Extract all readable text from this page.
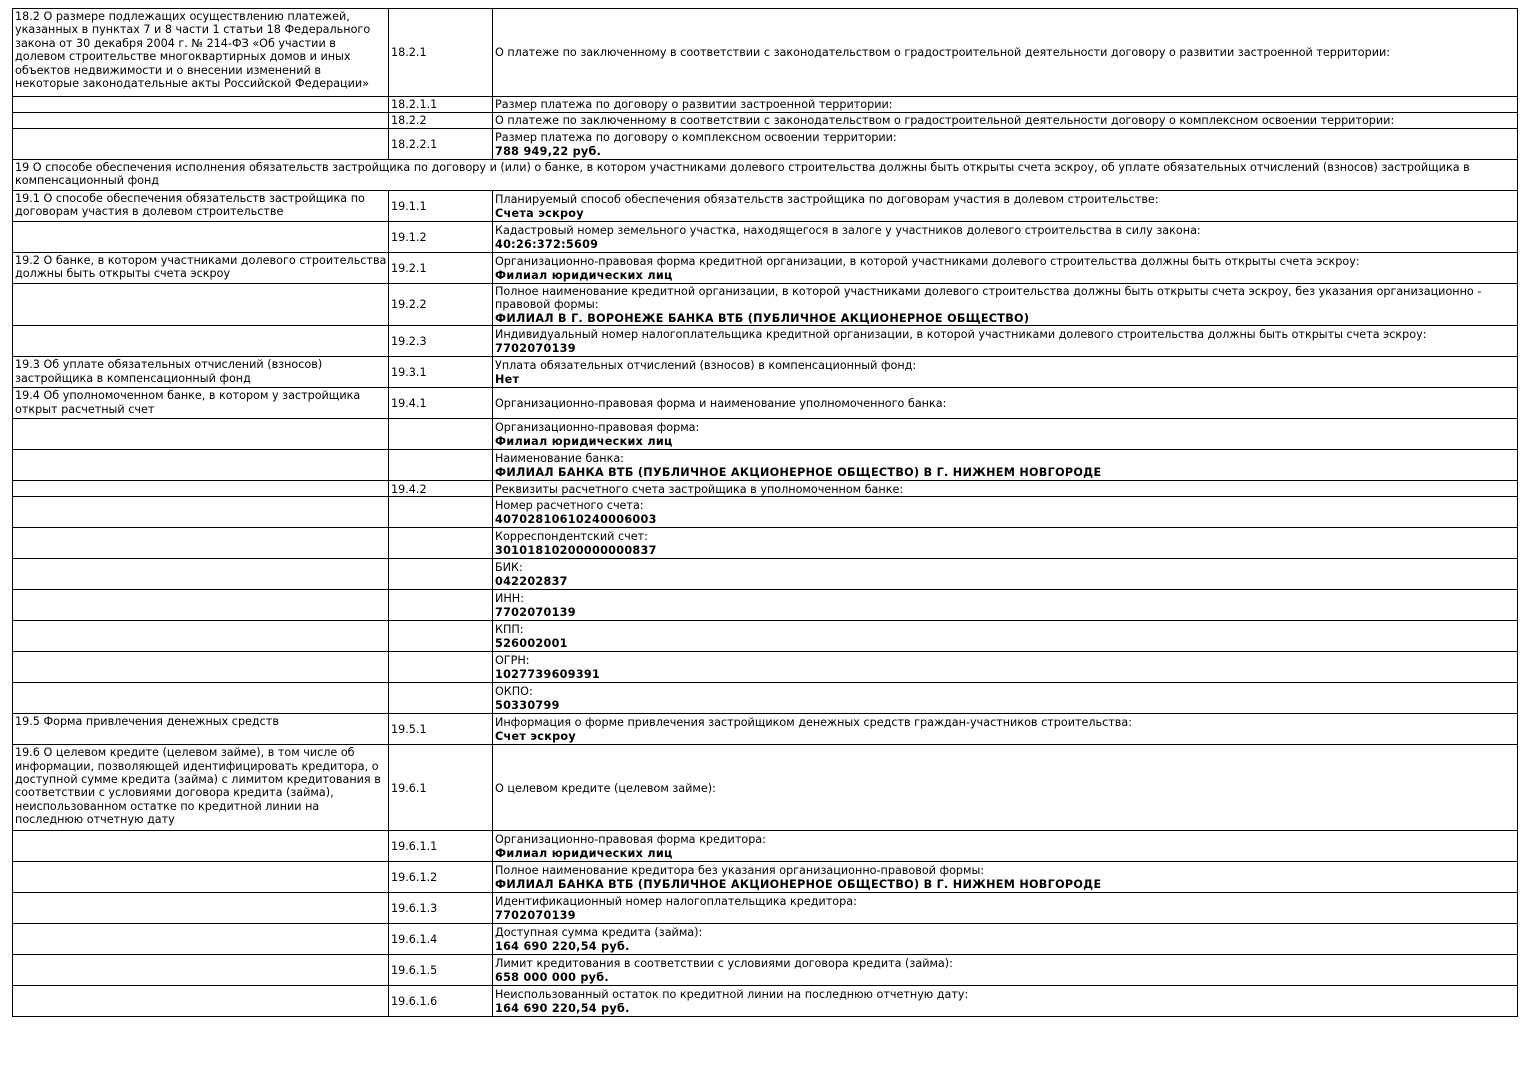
18.2 О размере подлежащих осуществлению платежей, указанных в пунктах 7 и 8 части 1 статьи 18 Федерального закона от 30 декабря 2004 г. № 214-ФЗ «Об участии в долевом строительстве многоквартирных домов и иных объектов недвижимости и о внесении изменений в некоторые законодательные акты Российской Федерации»	18.2.1	О платеже по заключенному в соответствии с законодательством о градостроительной деятельности договору о развитии застроенной территории:

	18.2.1.1	Размер платежа по договору о развитии застроенной территории:

	18.2.2	О платеже по заключенному в соответствии с законодательством о градостроительной деятельности договору о комплексном освоении территории:

	18.2.2.1	Размер платежа по договору о комплексном освоении территории:
788 949,22 руб.

19 О способе обеспечения исполнения обязательств застройщика по договору и (или) о банке, в котором участниками долевого строительства должны быть открыты счета эскроу, об уплате обязательных отчислений (взносов) застройщика в компенсационный фонд		
19.1 О способе обеспечения обязательств застройщика по договорам участия в долевом строительстве	19.1.1	Планируемый способ обеспечения обязательств застройщика по договорам участия в долевом строительстве:
Счета эскроу

	19.1.2	Кадастровый номер земельного участка, находящегося в залоге у участников долевого строительства в силу закона:
40:26:372:5609

19.2 О банке, в котором участниками долевого строительства должны быть открыты счета эскроу	19.2.1	Организационно-правовая форма кредитной организации, в которой участниками долевого строительства должны быть открыты счета эскроу:
Филиал юридических лиц

	19.2.2	Полное наименование кредитной организации, в которой участниками долевого строительства должны быть открыты счета эскроу, без указания организационно - правовой формы:
ФИЛИАЛ В Г. ВОРОНЕЖЕ БАНКА ВТБ (ПУБЛИЧНОЕ АКЦИОНЕРНОЕ ОБЩЕСТВО)

	19.2.3	Индивидуальный номер налогоплательщика кредитной организации, в которой участниками долевого строительства должны быть открыты счета эскроу:
7702070139

19.3 Об уплате обязательных отчислений (взносов) застройщика в компенсационный фонд	19.3.1	Уплата обязательных отчислений (взносов) в компенсационный фонд:
Нет

19.4 Об уполномоченном банке, в котором у застройщика открыт расчетный счет	19.4.1	Организационно-правовая форма и наименование уполномоченного банка:

		Организационно-правовая форма:
Филиал юридических лиц

		Наименование банка:
ФИЛИАЛ БАНКА ВТБ (ПУБЛИЧНОЕ АКЦИОНЕРНОЕ ОБЩЕСТВО) В Г. НИЖНЕМ НОВГОРОДЕ

	19.4.2	Реквизиты расчетного счета застройщика в уполномоченном банке:

		Номер расчетного счета:
40702810610240006003

		Корреспондентский счет:
30101810200000000837

		БИК:
042202837

		ИНН:
7702070139

		КПП:
526002001

		ОГРН:
1027739609391

		ОКПО:
50330799

19.5 Форма привлечения денежных средств	19.5.1	Информация о форме привлечения застройщиком денежных средств граждан-участников строительства:
Счет эскроу

19.6 О целевом кредите (целевом займе), в том числе об информации, позволяющей идентифицировать кредитора, о доступной сумме кредита (займа) с лимитом кредитования в соответствии с условиями договора кредита (займа), неиспользованном остатке по кредитной линии на последнюю отчетную дату	19.6.1	О целевом кредите (целевом займе):

	19.6.1.1	Организационно-правовая форма кредитора:
Филиал юридических лиц

	19.6.1.2	Полное наименование кредитора без указания организационно-правовой формы:
ФИЛИАЛ БАНКА ВТБ (ПУБЛИЧНОЕ АКЦИОНЕРНОЕ ОБЩЕСТВО) В Г. НИЖНЕМ НОВГОРОДЕ

	19.6.1.3	Идентификационный номер налогоплательщика кредитора:
7702070139

	19.6.1.4	Доступная сумма кредита (займа):
164 690 220,54 руб.

	19.6.1.5	Лимит кредитования в соответствии с условиями договора кредита (займа):
658 000 000 руб.

	19.6.1.6	Неиспользованный остаток по кредитной линии на последнюю отчетную дату:
164 690 220,54 руб.
